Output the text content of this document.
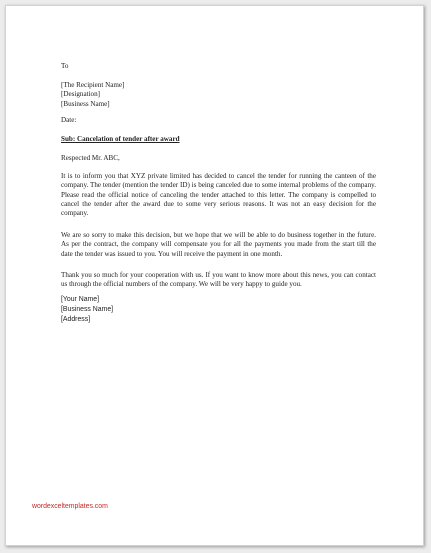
To

[The Recipient Name]
[Designation]
[Business Name]

Date:

Sub: Cancelation of tender after award

Respected Mr. ABC,

It is to inform you that XYZ private limited has decided to cancel the tender for running the canteen of the company. The tender (mention the tender ID) is being canceled due to some internal problems of the company. Please read the official notice of canceling the tender attached to this letter. The company is compelled to cancel the tender after the award due to some very serious reasons. It was not an easy decision for the company.

We are so sorry to make this decision, but we hope that we will be able to do business together in the future. As per the contract, the company will compensate you for all the payments you made from the start till the date the tender was issued to you. You will receive the payment in one month.

Thank you so much for your cooperation with us. If you want to know more about this news, you can contact us through the official numbers of the company. We will be very happy to guide you.

[Your Name]
[Business Name]
[Address]

wordexceltemplates.com
